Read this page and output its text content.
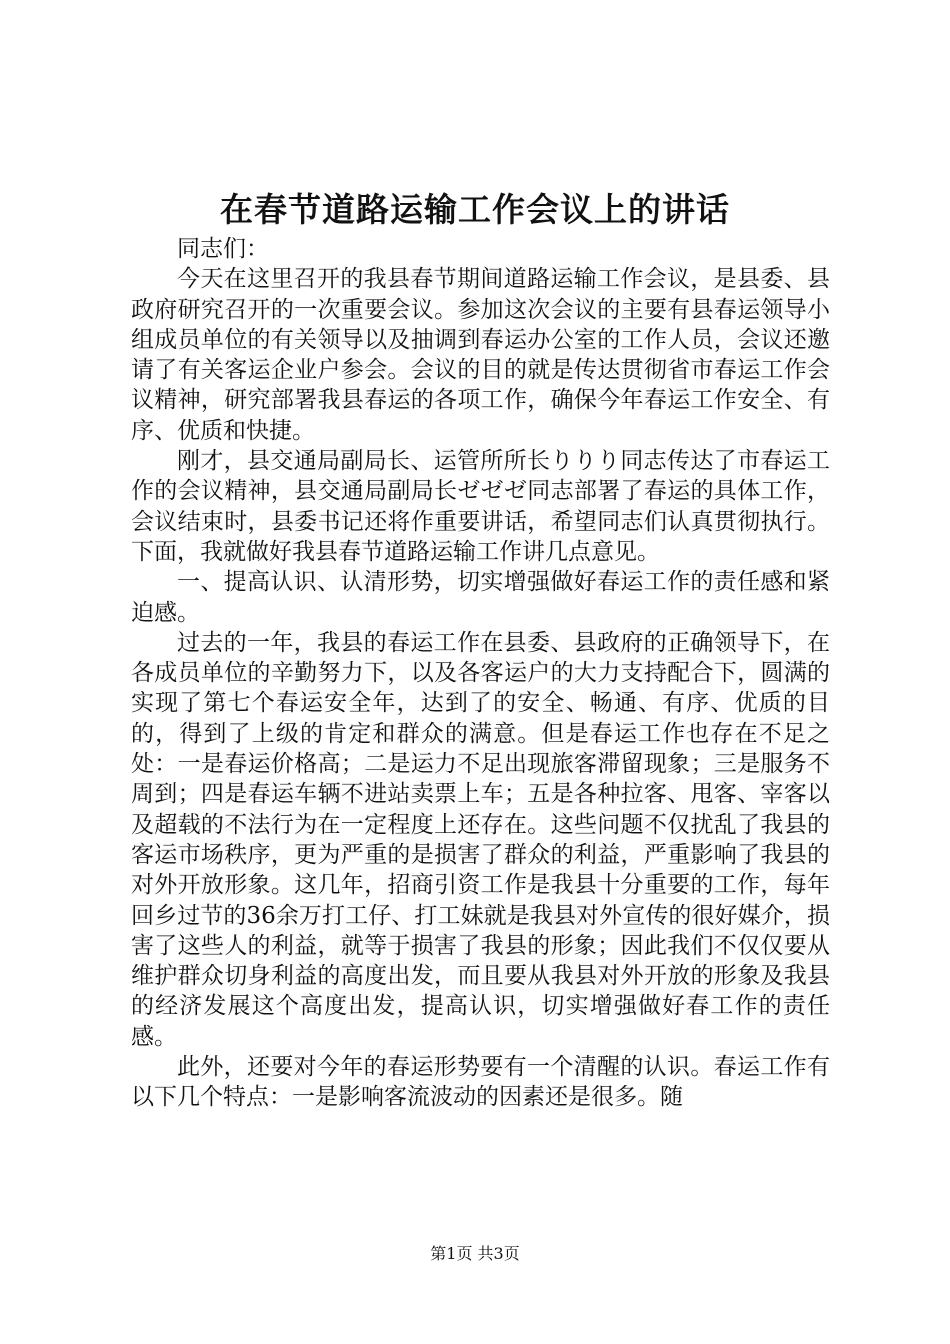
在春节道路运输工作会议上的讲话

同志们：

今天在这里召开的我县春节期间道路运输工作会议，是县委、县政府研究召开的一次重要会议。参加这次会议的主要有县春运领导小组成员单位的有关领导以及抽调到春运办公室的工作人员，会议还邀请了有关客运企业户参会。会议的目的就是传达贯彻省市春运工作会议精神，研究部署我县春运的各项工作，确保今年春运工作安全、有序、优质和快捷。

刚才，县交通局副局长、运管所所长りりり同志传达了市春运工作的会议精神，县交通局副局长ゼゼゼ同志部署了春运的具体工作，会议结束时，县委书记还将作重要讲话，希望同志们认真贯彻执行。下面，我就做好我县春节道路运输工作讲几点意见。

一、提高认识、认清形势，切实增强做好春运工作的责任感和紧迫感。

过去的一年，我县的春运工作在县委、县政府的正确领导下，在各成员单位的辛勤努力下，以及各客运户的大力支持配合下，圆满的实现了第七个春运安全年，达到了的安全、畅通、有序、优质的目的，得到了上级的肯定和群众的满意。但是春运工作也存在不足之处：一是春运价格高；二是运力不足出现旅客滞留现象；三是服务不周到；四是春运车辆不进站卖票上车；五是各种拉客、甩客、宰客以及超载的不法行为在一定程度上还存在。这些问题不仅扰乱了我县的客运市场秩序，更为严重的是损害了群众的利益，严重影响了我县的对外开放形象。这几年，招商引资工作是我县十分重要的工作，每年回乡过节的36余万打工仔、打工妹就是我县对外宣传的很好媒介，损害了这些人的利益，就等于损害了我县的形象；因此我们不仅仅要从维护群众切身利益的高度出发，而且要从我县对外开放的形象及我县的经济发展这个高度出发，提高认识，切实增强做好春工作的责任感。

此外，还要对今年的春运形势要有一个清醒的认识。春运工作有以下几个特点：一是影响客流波动的因素还是很多。随

第1页 共3页
